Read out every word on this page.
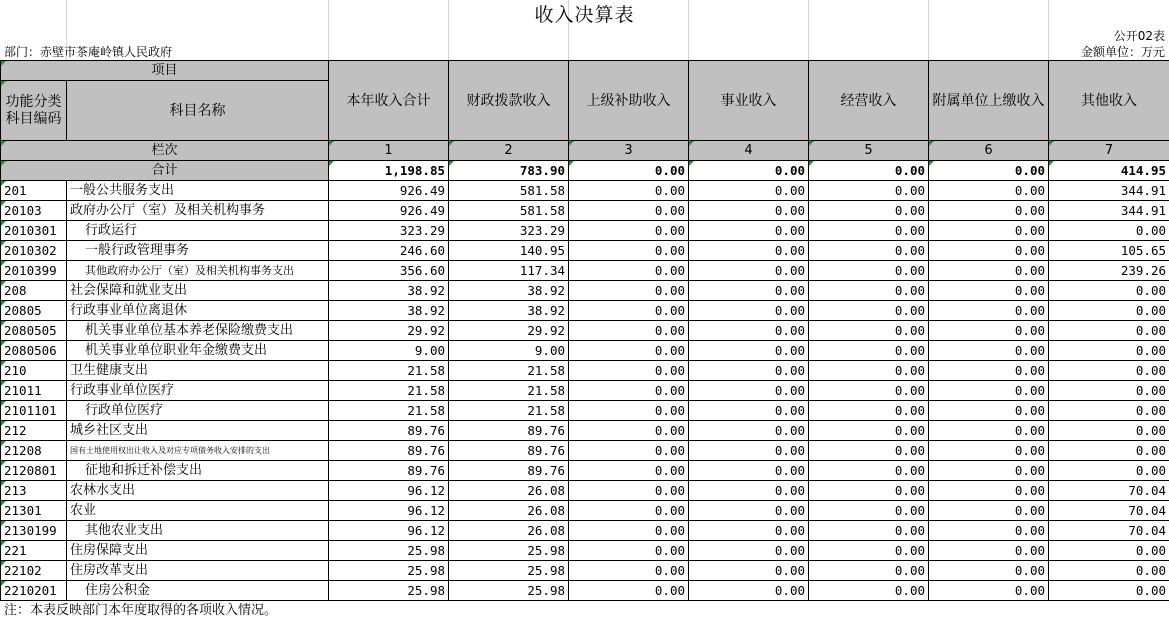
收入决算表
公开02表
部门：赤壁市茶庵岭镇人民政府	金额单位：万元
项目		本年收入合计	财政拨款收入	上级补助收入	事业收入	经营收入	附属单位上缴收入	其他收入
功能分类科目编码	科目名称							
栏次		1	2	3	4	5	6	7
合计		1,198.85	783.90	0.00	0.00	0.00	0.00	414.95
201	一般公共服务支出	926.49	581.58	0.00	0.00	0.00	0.00	344.91
20103	政府办公厅（室）及相关机构事务	926.49	581.58	0.00	0.00	0.00	0.00	344.91
2010301	行政运行	323.29	323.29	0.00	0.00	0.00	0.00	0.00
2010302	一般行政管理事务	246.60	140.95	0.00	0.00	0.00	0.00	105.65
2010399	其他政府办公厅（室）及相关机构事务支出	356.60	117.34	0.00	0.00	0.00	0.00	239.26
208	社会保障和就业支出	38.92	38.92	0.00	0.00	0.00	0.00	0.00
20805	行政事业单位离退休	38.92	38.92	0.00	0.00	0.00	0.00	0.00
2080505	机关事业单位基本养老保险缴费支出	29.92	29.92	0.00	0.00	0.00	0.00	0.00
2080506	机关事业单位职业年金缴费支出	9.00	9.00	0.00	0.00	0.00	0.00	0.00
210	卫生健康支出	21.58	21.58	0.00	0.00	0.00	0.00	0.00
21011	行政事业单位医疗	21.58	21.58	0.00	0.00	0.00	0.00	0.00
2101101	行政单位医疗	21.58	21.58	0.00	0.00	0.00	0.00	0.00
212	城乡社区支出	89.76	89.76	0.00	0.00	0.00	0.00	0.00
21208	国有土地使用权出让收入及对应专项债务收入安排的支出	89.76	89.76	0.00	0.00	0.00	0.00	0.00
2120801	征地和拆迁补偿支出	89.76	89.76	0.00	0.00	0.00	0.00	0.00
213	农林水支出	96.12	26.08	0.00	0.00	0.00	0.00	70.04
21301	农业	96.12	26.08	0.00	0.00	0.00	0.00	70.04
2130199	其他农业支出	96.12	26.08	0.00	0.00	0.00	0.00	70.04
221	住房保障支出	25.98	25.98	0.00	0.00	0.00	0.00	0.00
22102	住房改革支出	25.98	25.98	0.00	0.00	0.00	0.00	0.00
2210201	住房公积金	25.98	25.98	0.00	0.00	0.00	0.00	0.00
注：本表反映部门本年度取得的各项收入情况。
